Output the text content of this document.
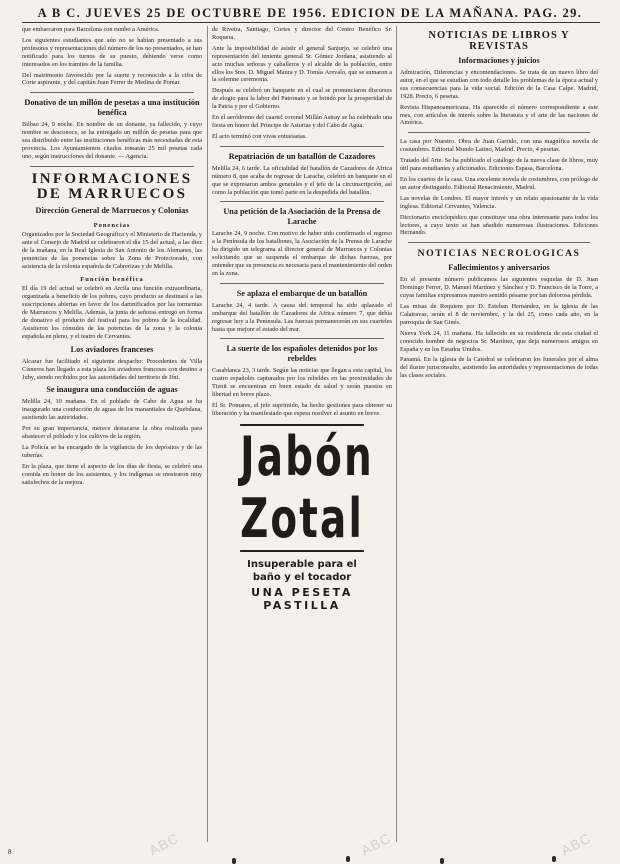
A B C. JUEVES 25 DE OCTUBRE DE 1956. EDICION DE LA MAÑANA. PAG. 29.

que embarcaron para Barcelona con rumbo a América.

Los siguientes estudiantes que aún no se habían presentado a sus profesores y representaciones del número de los no presentados, se han notificado para los turnos de su puesto, debiendo verse como interesados en los trámites de la familia.

Del matrimonio favorecido por la suerte y reconocido a la cifra de Corte aspirante, y del capitán Juan Ferrer de Medina de Pomar.

Donativo de un millón de pesetas a una institución benéfica

Bilbao 24, 9 noche. En nombre de un donante, ya fallecido, y cuyo nombre se desconoce, se ha entregado un millón de pesetas para que sea distribuido entre las instituciones benéficas más necesitadas de esta provincia. Los Ayuntamientos citados tomarán 25 mil pesetas cada uno, según instrucciones del donante. — Agencia.

INFORMACIONES DE MARRUECOS
Dirección General de Marruecos y Colonias
Ponencias

Organizados por la Sociedad Geográfica y el Ministerio de Hacienda, y ante el Consejo de Madrid se celebraron el día 15 del actual, a las diez de la mañana, en la Real Iglesia de San Antonio de los Alemanes, las ponencias de las ponencias sobre la Zona de Protectorado, con asistencia de la colonia española de Cabrerizas y de Melilla.

Función benéfica

El día 19 del actual se celebró en Arcila una función extraordinaria, organizada a beneficio de los pobres, cuyo producto se destinará a las suscripciones abiertas en favor de los damnificados por las tormentas de Marruecos y Melilla. Además, la junta de señoras entregó en forma de donativo el producto del festival para los pobres de la localidad. Asistieron los cónsules de las potencias de la zona y la colonia española en pleno, y el teatro de Cervantes.

Los aviadores franceses

Alcazar fue facilitado el siguiente despacho: Procedentes de Villa Cisneros han llegado a esta plaza los aviadores franceses con destino a Juby, siendo recibidos por las autoridades del territorio de Ifni.

Se inaugura una conducción de aguas

Melilla 24, 10 mañana. En el poblado de Cabo de Agua se ha inaugurado una conducción de aguas de los manantiales de Quebdana, asistiendo las autoridades.

Por su gran importancia, merece destacarse la obra realizada para abastecer el poblado y los cultivos de la región.

La Policía se ha encargado de la vigilancia de los depósitos y de las tuberías.

En la plaza, que tiene el aspecto de los días de fiesta, se celebró una comida en honor de los asistentes, y los indígenas se mostraron muy satisfechos de la mejora.

de Riveira, Santiago, Cortes y director del Centro Benéfico Sr. Roquera.

Ante la imposibilidad de asistir el general Sanjurjo, se celebró una representación del teniente general Sr. Gómez Jordana, asistiendo al acto muchas señoras y caballeros y el alcalde de la población, entre ellos los Sres. D. Miguel Maura y D. Tomás Arevalo, que se sumaron a la solemne ceremonia.

Después se celebró un banquete en el cual se pronunciaron discursos de elogio para la labor del Patronato y se brindó por la prosperidad de la Patria y por el Gobierno.

En el aeródromo del cuartel coronel Millán Astray se ha celebrado una fiesta en honor del Príncipe de Asturias y del Cabo de Agua.

El acto terminó con vivas entusiastas.

Repatriación de un batallón de Cazadores

Melilla 24, 6 tarde. La oficialidad del batallón de Cazadores de Africa número 8, que acaba de regresar de Larache, celebró un banquete en el que se expresaron ambos generales y el jefe de la circunscripción, así como la población que tomó parte en la despedida del batallón.

Una petición de la Asociación de la Prensa de Larache

Larache 24, 9 noche. Con motivo de haber sido confirmado el regreso a la Península de los batallones, la Asociación de la Prensa de Larache ha dirigido un telegrama al director general de Marruecos y Colonias solicitando que se suspenda el embarque de dichas fuerzas, por entender que su presencia es necesaria para el mantenimiento del orden en la zona.

Se aplaza el embarque de un batallón

Larache 24, 4 tarde. A causa del temporal ha sido aplazado el embarque del batallón de Cazadores de Africa número 7, que debía regresar hoy a la Península. Las fuerzas permanecerán en sus cuarteles hasta que mejore el estado del mar.

La suerte de los españoles detenidos por los rebeldes

Casablanca 23, 3 tarde. Según las noticias que llegan a esta capital, los cuatro españoles capturados por los rebeldes en las proximidades de Tiznit se encuentran en buen estado de salud y serán puestos en libertad en breve plazo.

El Sr. Pomares, el jefe suprimido, ha hecho gestiones para obtener su liberación y ha manifestado que espera resolver el asunto en breve.

Jabón Zotal
Insuperable para el
baño y el tocador
UNA PESETA PASTILLA
NOTICIAS DE LIBROS Y REVISTAS
Informaciones y juicios

Admiración, Diferencias y encomendaciones. Se trata de un nuevo libro del autor, en el que se estudian con todo detalle los problemas de la época actual y sus consecuencias para la vida social. Edición de la Casa Calpe. Madrid, 1928. Precio, 6 pesetas.

Revista Hispanoamericana. Ha aparecido el número correspondiente a este mes, con artículos de interés sobre la literatura y el arte de las naciones de América.

La casa por Nuestro. Obra de Juan Garrido, con una magnífica novela de costumbres. Editorial Mundo Latino, Madrid. Precio, 4 pesetas.

Tratado del Arte. Se ha publicado el catálogo de la nueva clase de libros, muy útil para estudiantes y aficionados. Ediciones Espasa, Barcelona.

En los cuartos de la casa. Una excelente novela de costumbres, con prólogo de un autor distinguido. Editorial Renacimiento, Madrid.

Las novelas de Londres. El mayor interés y un relato apasionante de la vida inglesa. Editorial Cervantes, Valencia.

Diccionario enciclopédico que constituye una obra interesante para todos los lectores, a cuyo texto se han añadido numerosas ilustraciones. Ediciones Hernando.

NOTICIAS NECROLOGICAS
Fallecimientos y aniversarios

En el presente número publicamos las siguientes esquelas de D. Juan Domingo Ferrer, D. Manuel Martínez y Sánchez y D. Francisco de la Torre, a cuyas familias expresamos nuestro sentido pésame por tan dolorosa pérdida.

Las misas de Requiem por D. Esteban Hernández, en la iglesia de las Calatravas, serán el 8 de noviembre, y la del 25, como cada año, en la parroquia de San Ginés.

Nueva York 24, 11 mañana. Ha fallecido en su residencia de esta ciudad el conocido hombre de negocios Sr. Martínez, que deja numerosos amigos en España y en los Estados Unidos.

Panamá. En la iglesia de la Catedral se celebraron los funerales por el alma del ilustre jurisconsulto, asistiendo las autoridades y representaciones de todas las clases sociales.

ABC	ABC	ABC
8
